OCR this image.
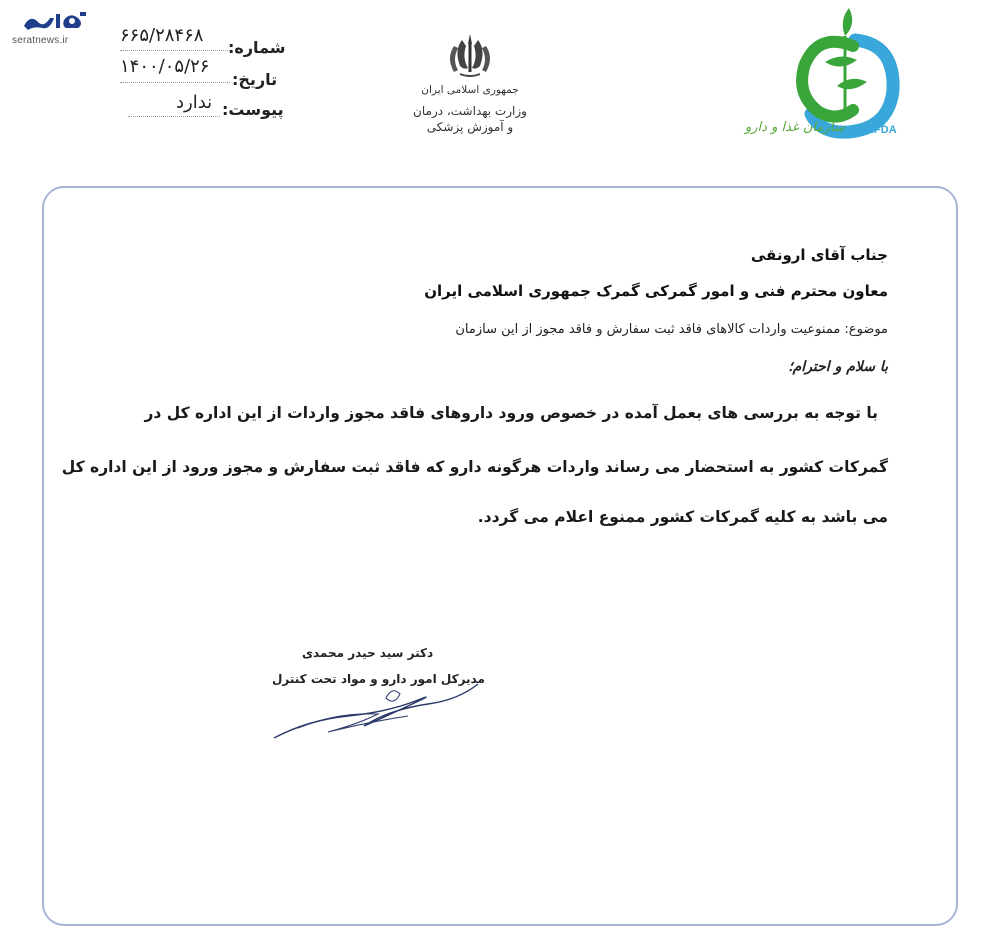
seratnews.ir	شماره:
۶۶۵/۲۸۴۶۸
تاریخ:
۱۴۰۰/۰۵/۲۶
پیوست:
ندارد
جمهوری اسلامی ایران
وزارت بهداشت، درمان
و آموزش پزشکی	سازمان غذا و دارو IFDA
جناب آقای ارونقی
معاون محترم فنی و امور گمرکی گمرک جمهوری اسلامی ایران
موضوع: ممنوعیت واردات کالاهای فاقد ثبت سفارش و فاقد مجوز از این سازمان
با سلام و احترام؛
با توجه به بررسی های بعمل آمده در خصوص ورود داروهای فاقد مجوز واردات از این اداره کل در
گمرکات کشور به استحضار می رساند واردات هرگونه دارو که فاقد ثبت سفارش و مجوز ورود از این اداره کل
می باشد به کلیه گمرکات کشور ممنوع اعلام می گردد.
دکتر سید حیدر محمدی
مدیرکل امور دارو و مواد تحت کنترل
